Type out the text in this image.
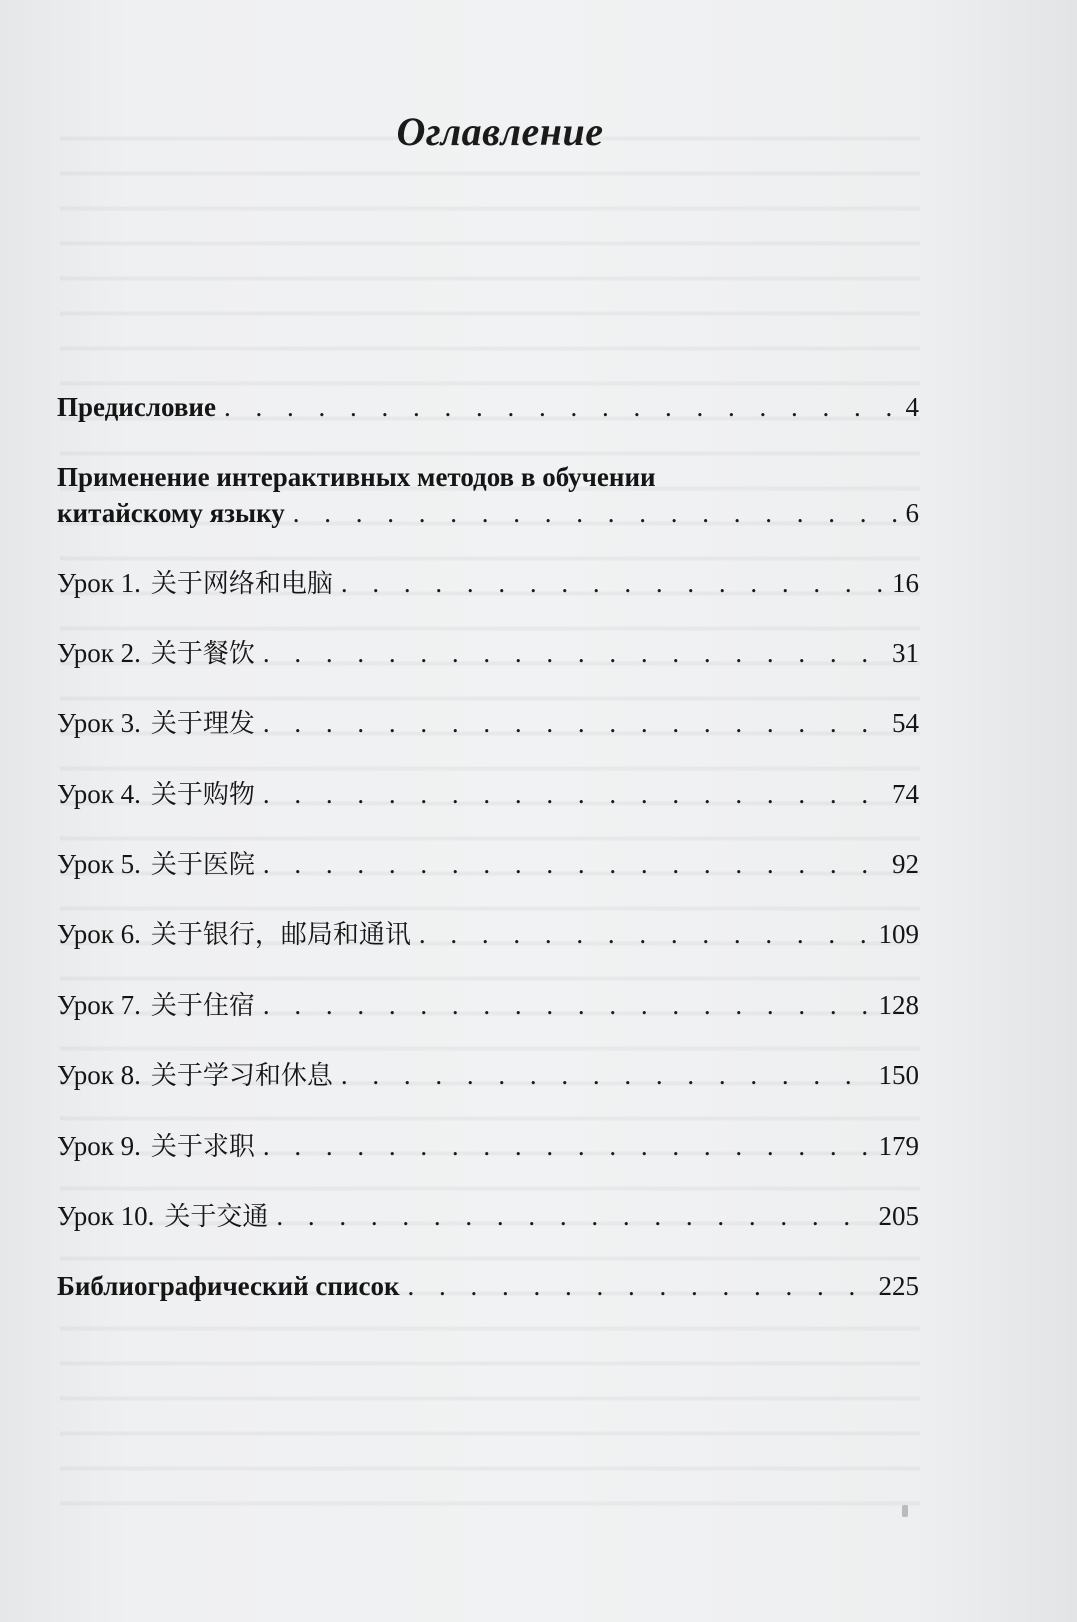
Оглавление
Предисловие . . .	4
Применение интерактивных методов в обучении
китайскому языку . . .	6
Урок 1. 关于网络和电脑 . . .	16
Урок 2. 关于餐饮 . . .	31
Урок 3. 关于理发 . . .	54
Урок 4. 关于购物 . . .	74
Урок 5. 关于医院 . . .	92
Урок 6. 关于银行，邮局和通讯 . . .	109
Урок 7. 关于住宿 . . .	128
Урок 8. 关于学习和休息 . . .	150
Урок 9. 关于求职 . . .	179
Урок 10. 关于交通 . . .	205
Библиографический список . . .	225
